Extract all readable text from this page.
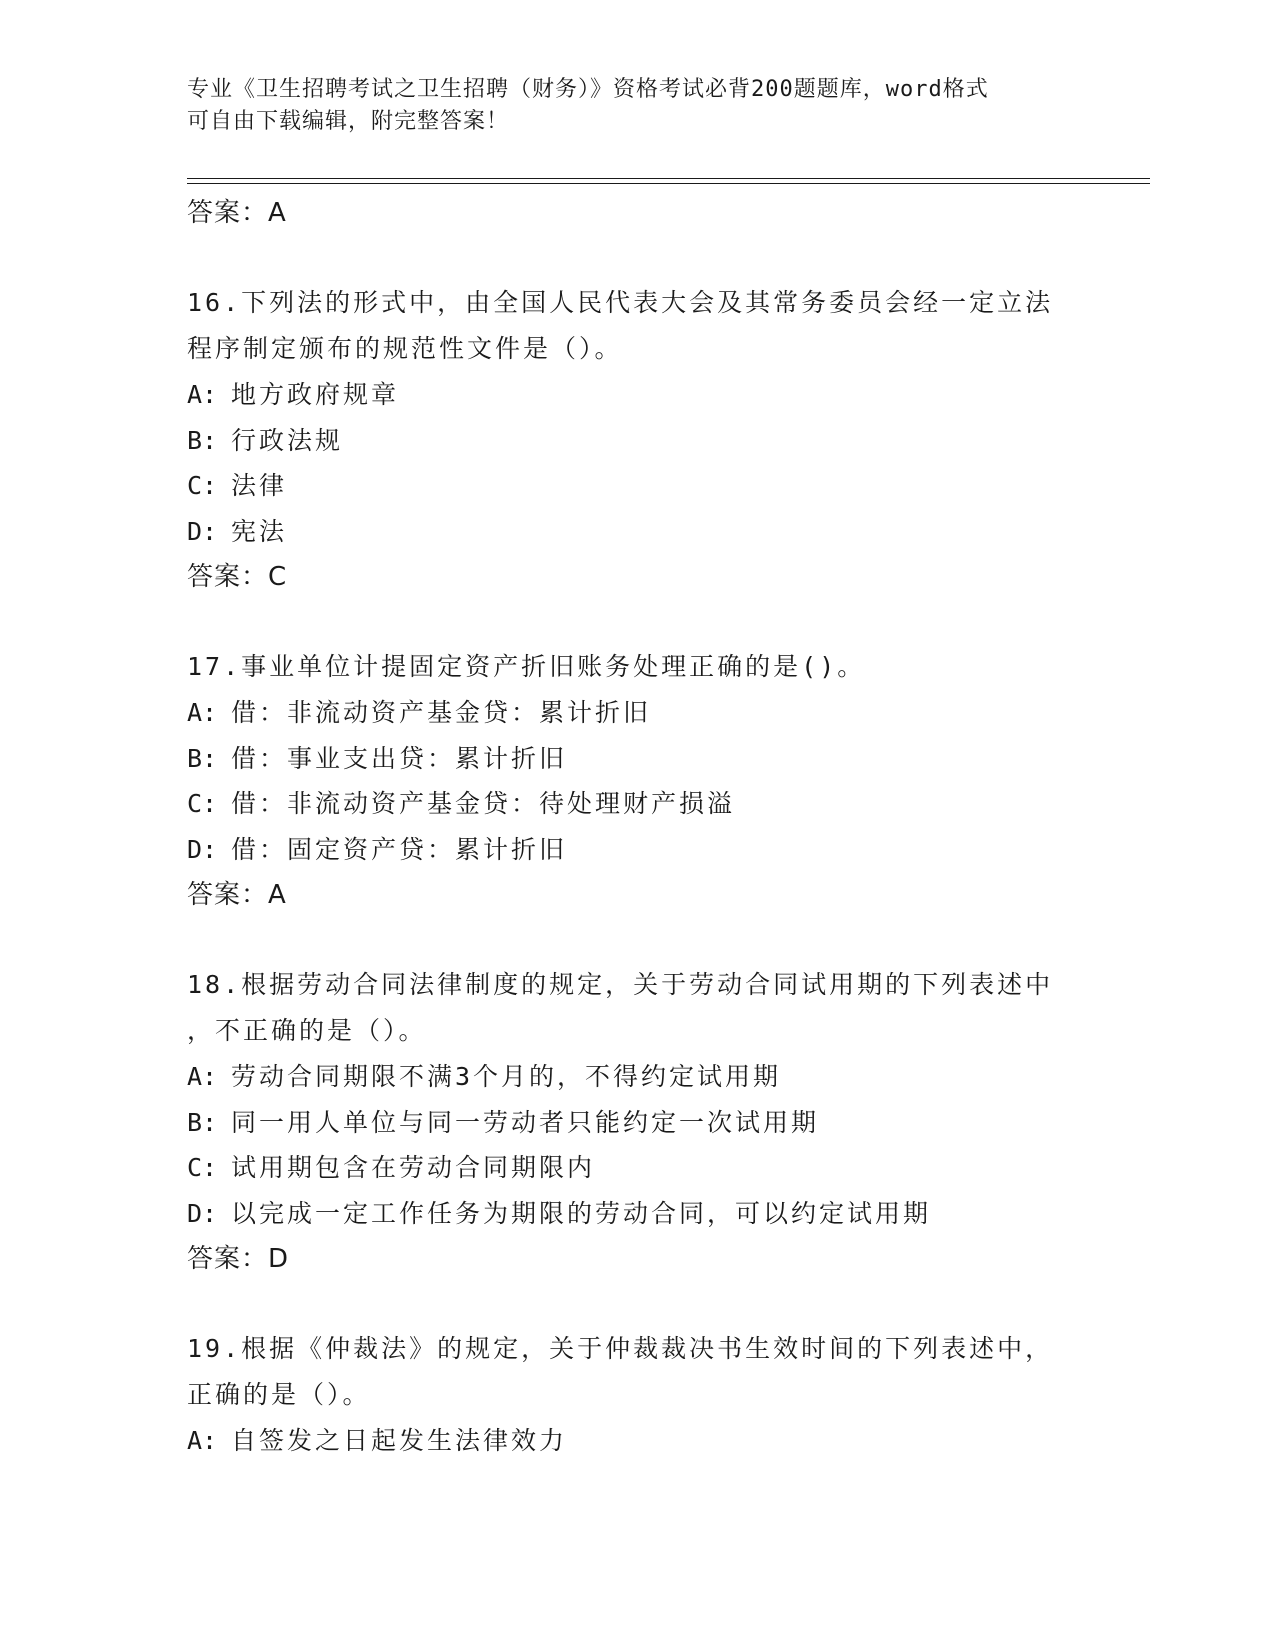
专业《卫生招聘考试之卫生招聘（财务）》资格考试必背200题题库，word格式
可自由下载编辑，附完整答案！
答案：A
16.下列法的形式中，由全国人民代表大会及其常务委员会经一定立法
程序制定颁布的规范性文件是（）。
A: 地方政府规章
B: 行政法规
C: 法律
D: 宪法
答案：C
17.事业单位计提固定资产折旧账务处理正确的是()。
A: 借：非流动资产基金贷：累计折旧
B: 借：事业支出贷：累计折旧
C: 借：非流动资产基金贷：待处理财产损溢
D: 借：固定资产贷：累计折旧
答案：A
18.根据劳动合同法律制度的规定，关于劳动合同试用期的下列表述中
，不正确的是（）。
A: 劳动合同期限不满3个月的，不得约定试用期
B: 同一用人单位与同一劳动者只能约定一次试用期
C: 试用期包含在劳动合同期限内
D: 以完成一定工作任务为期限的劳动合同，可以约定试用期
答案：D
19.根据《仲裁法》的规定，关于仲裁裁决书生效时间的下列表述中，
正确的是（）。
A: 自签发之日起发生法律效力
